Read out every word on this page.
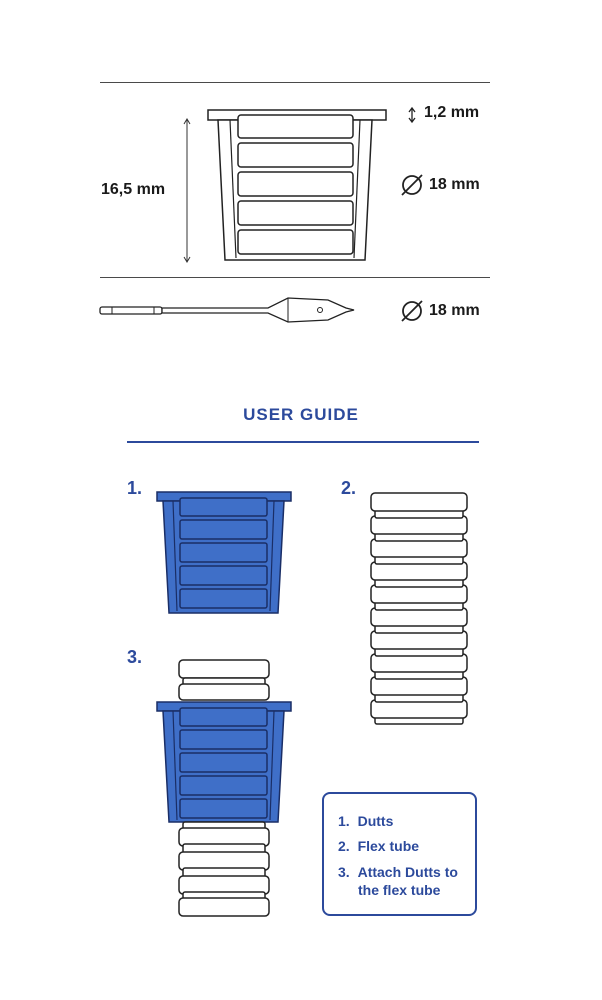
16,5 mm
1,2 mm
18 mm
18 mm
USER GUIDE
1.	2.
3.
1. Dutts
2. Flex tube
3. Attach Dutts to
the flex tube
